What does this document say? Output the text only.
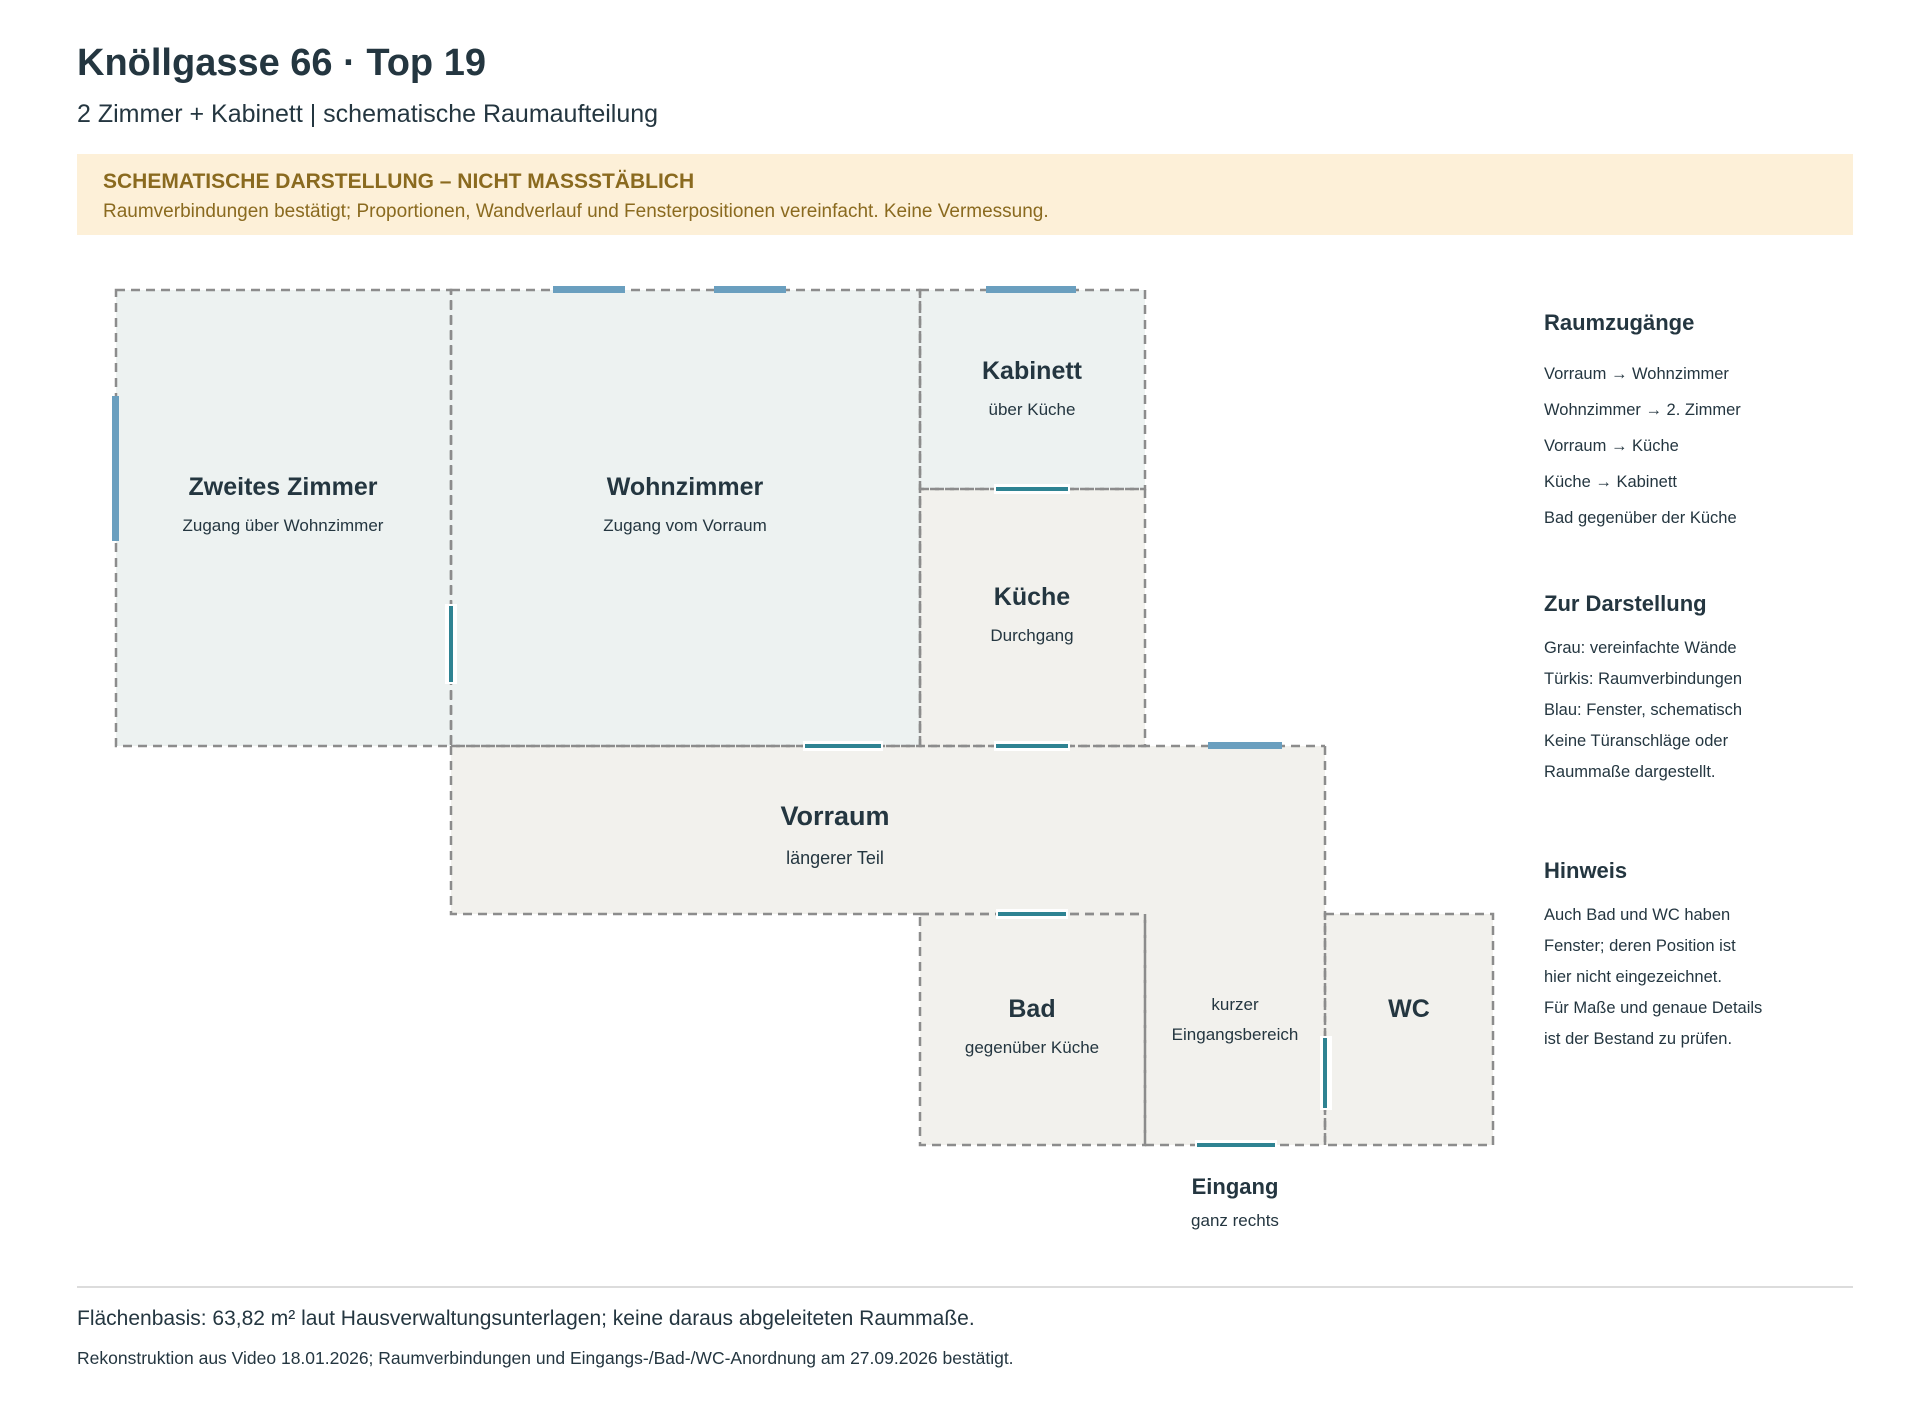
Knöllgasse 66 · Top 19
2 Zimmer + Kabinett | schematische Raumaufteilung
SCHEMATISCHE DARSTELLUNG – NICHT MASSSTÄBLICH
Raumverbindungen bestätigt; Proportionen, Wandverlauf und Fensterpositionen vereinfacht. Keine Vermessung.
Zweites Zimmer
Zugang über Wohnzimmer
Wohnzimmer
Zugang vom Vorraum
Kabinett
über Küche
Küche
Durchgang
Vorraum
längerer Teil
Bad
gegenüber Küche
kurzer
Eingangsbereich
WC
Eingang
ganz rechts
Raumzugänge
Vorraum → Wohnzimmer
Wohnzimmer → 2. Zimmer
Vorraum → Küche
Küche → Kabinett
Bad gegenüber der Küche
Zur Darstellung
Grau: vereinfachte Wände
Türkis: Raumverbindungen
Blau: Fenster, schematisch
Keine Türanschläge oder
Raummaße dargestellt.
Hinweis
Auch Bad und WC haben
Fenster; deren Position ist
hier nicht eingezeichnet.
Für Maße und genaue Details
ist der Bestand zu prüfen.
Flächenbasis: 63,82 m² laut Hausverwaltungsunterlagen; keine daraus abgeleiteten Raummaße.
Rekonstruktion aus Video 18.01.2026; Raumverbindungen und Eingangs-/Bad-/WC-Anordnung am 27.09.2026 bestätigt.
